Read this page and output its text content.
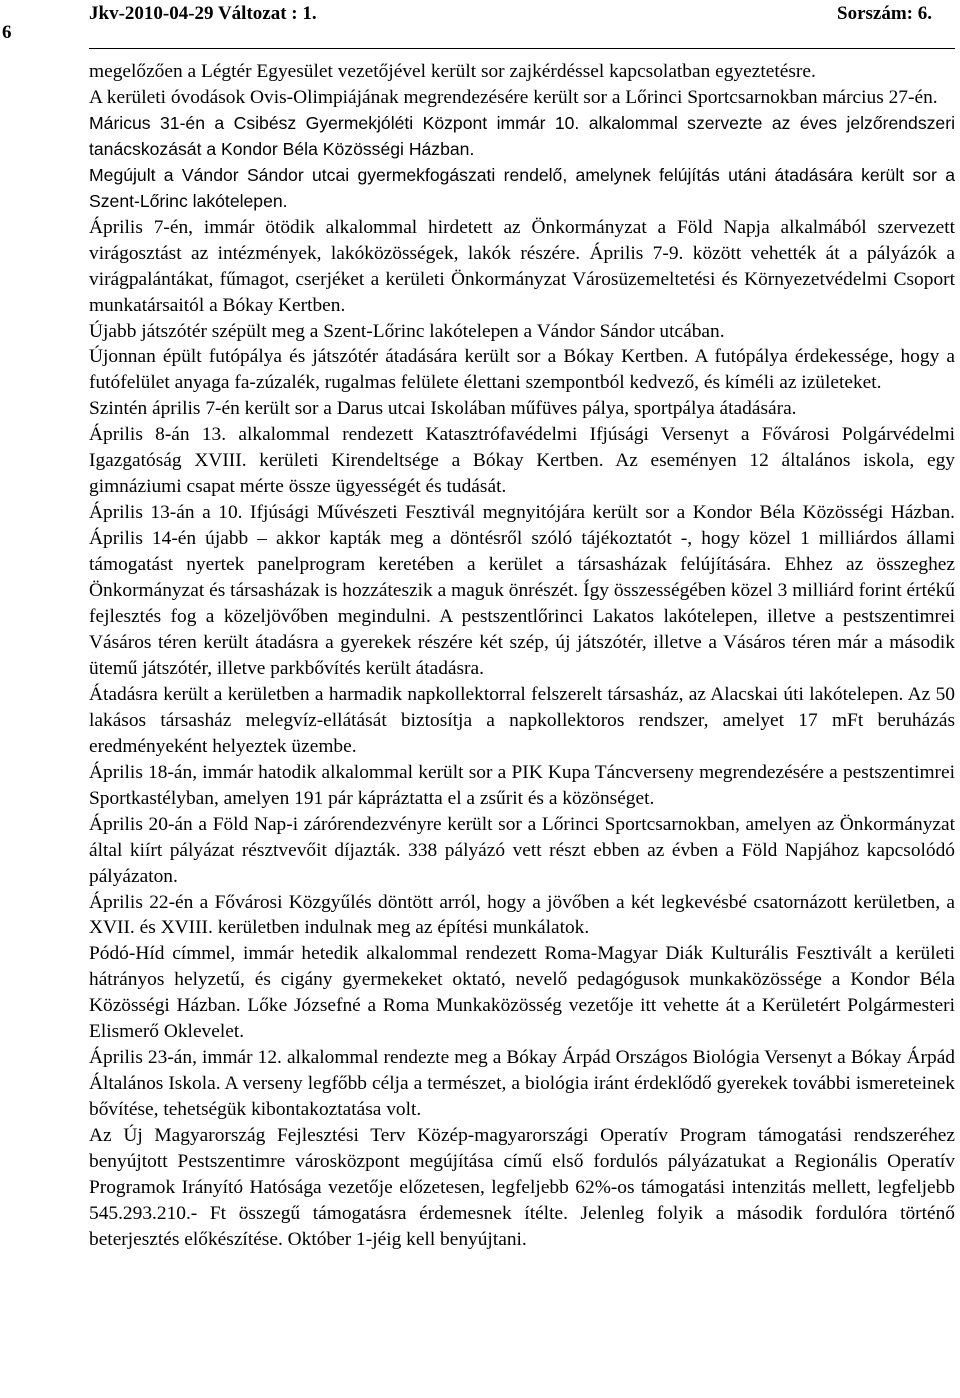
6
Jkv-2010-04-29 Változat : 1.	Sorszám: 6.

megelőzően a Légtér Egyesület vezetőjével került sor zajkérdéssel kapcsolatban egyeztetésre.

A kerületi óvodások Ovis-Olimpiájának megrendezésére került sor a Lőrinci Sportcsarnokban március 27-én.

Máricus 31-én a Csibész Gyermekjóléti Központ immár 10. alkalommal szervezte az éves jelzőrendszeri tanácskozását a Kondor Béla Közösségi Házban.

Megújult a Vándor Sándor utcai gyermekfogászati rendelő, amelynek felújítás utáni átadására került sor a Szent-Lőrinc lakótelepen.

Április 7-én, immár ötödik alkalommal hirdetett az Önkormányzat a Föld Napja alkalmából szervezett virágosztást az intézmények, lakóközösségek, lakók részére. Április 7-9. között vehették át a pályázók a virágpalántákat, fűmagot, cserjéket a kerületi Önkormányzat Városüzemeltetési és Környezetvédelmi Csoport munkatársaitól a Bókay Kertben.

Újabb játszótér szépült meg a Szent-Lőrinc lakótelepen a Vándor Sándor utcában.

Újonnan épült futópálya és játszótér átadására került sor a Bókay Kertben. A futópálya érdekessége, hogy a futófelület anyaga fa-zúzalék, rugalmas felülete élettani szempontból kedvező, és kíméli az izületeket.

Szintén április 7-én került sor a Darus utcai Iskolában műfüves pálya, sportpálya átadására.

Április 8-án 13. alkalommal rendezett Katasztrófavédelmi Ifjúsági Versenyt a Fővárosi Polgárvédelmi Igazgatóság XVIII. kerületi Kirendeltsége a Bókay Kertben. Az eseményen 12 általános iskola, egy gimnáziumi csapat mérte össze ügyességét és tudását.

Április 13-án a 10. Ifjúsági Művészeti Fesztivál megnyitójára került sor a Kondor Béla Közösségi Házban. Április 14-én újabb – akkor kapták meg a döntésről szóló tájékoztatót -, hogy közel 1 milliárdos állami támogatást nyertek panelprogram keretében a kerület a társasházak felújítására. Ehhez az összeghez Önkormányzat és társasházak is hozzáteszik a maguk önrészét. Így összességében közel 3 milliárd forint értékű fejlesztés fog a közeljövőben megindulni. A pestszentlőrinci Lakatos lakótelepen, illetve a pestszentimrei Vásáros téren került átadásra a gyerekek részére két szép, új játszótér, illetve a Vásáros téren már a második ütemű játszótér, illetve parkbővítés került átadásra.

Átadásra került a kerületben a harmadik napkollektorral felszerelt társasház, az Alacskai úti lakótelepen. Az 50 lakásos társasház melegvíz-ellátását biztosítja a napkollektoros rendszer, amelyet 17 mFt beruházás eredményeként helyeztek üzembe.

Április 18-án, immár hatodik alkalommal került sor a PIK Kupa Táncverseny megrendezésére a pestszentimrei Sportkastélyban, amelyen 191 pár kápráztatta el a zsűrit és a közönséget.

Április 20-án a Föld Nap-i zárórendezvényre került sor a Lőrinci Sportcsarnokban, amelyen az Önkormányzat által kiírt pályázat résztvevőit díjazták. 338 pályázó vett részt ebben az évben a Föld Napjához kapcsolódó pályázaton.

Április 22-én a Fővárosi Közgyűlés döntött arról, hogy a jövőben a két legkevésbé csatornázott kerületben, a XVII. és XVIII. kerületben indulnak meg az építési munkálatok.

Pódó-Híd címmel, immár hetedik alkalommal rendezett Roma-Magyar Diák Kulturális Fesztivált a kerületi hátrányos helyzetű, és cigány gyermekeket oktató, nevelő pedagógusok munkaközössége a Kondor Béla Közösségi Házban. Lőke Józsefné a Roma Munkaközösség vezetője itt vehette át a Kerületért Polgármesteri Elismerő Oklevelet.

Április 23-án, immár 12. alkalommal rendezte meg a Bókay Árpád Országos Biológia Versenyt a Bókay Árpád Általános Iskola. A verseny legfőbb célja a természet, a biológia iránt érdeklődő gyerekek további ismereteinek bővítése, tehetségük kibontakoztatása volt.

Az Új Magyarország Fejlesztési Terv Közép-magyarországi Operatív Program támogatási rendszeréhez benyújtott Pestszentimre városközpont megújítása című első fordulós pályázatukat a Regionális Operatív Programok Irányító Hatósága vezetője előzetesen, legfeljebb 62%-os támogatási intenzitás mellett, legfeljebb 545.293.210.- Ft összegű támogatásra érdemesnek ítélte. Jelenleg folyik a második fordulóra történő beterjesztés előkészítése. Október 1-jéig kell benyújtani.
